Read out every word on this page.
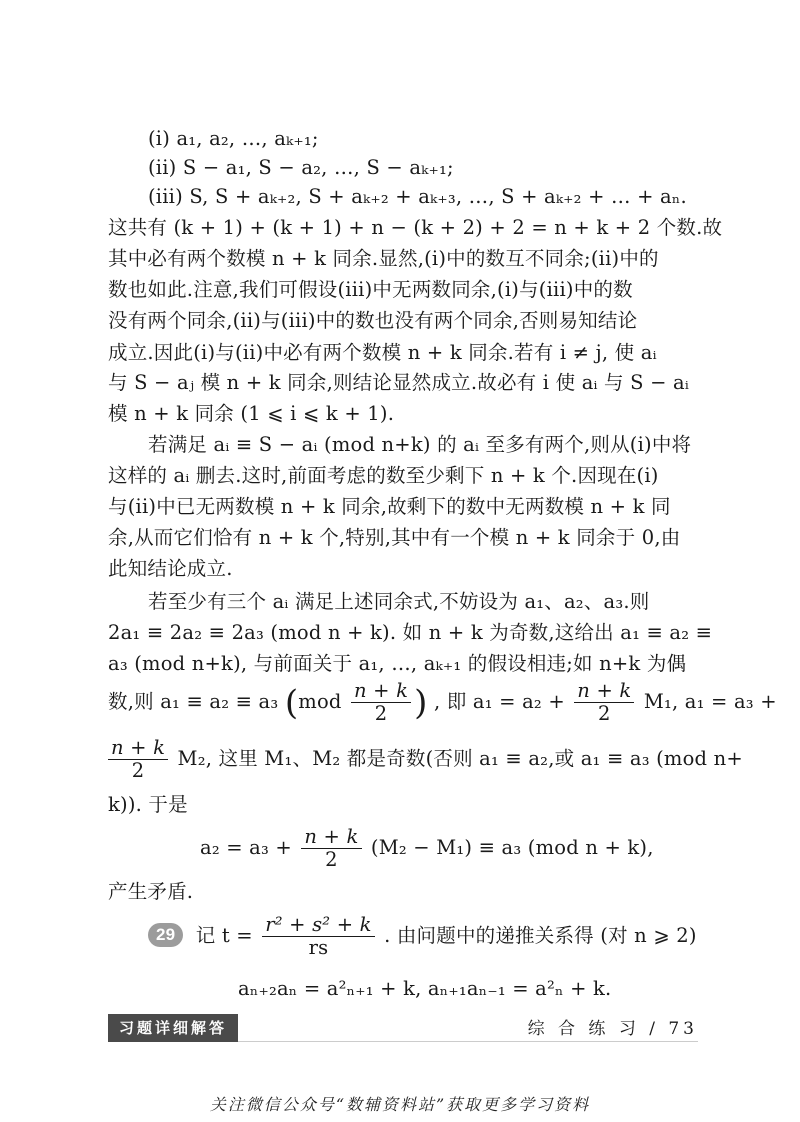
(i) a₁, a₂, …, aₖ₊₁;
(ii) S − a₁, S − a₂, …, S − aₖ₊₁;
(iii) S, S + aₖ₊₂, S + aₖ₊₂ + aₖ₊₃, …, S + aₖ₊₂ + … + aₙ.
这共有 (k + 1) + (k + 1) + n − (k + 2) + 2 = n + k + 2 个数.故
其中必有两个数模 n + k 同余.显然,(i)中的数互不同余;(ii)中的
数也如此.注意,我们可假设(iii)中无两数同余,(i)与(iii)中的数
没有两个同余,(ii)与(iii)中的数也没有两个同余,否则易知结论
成立.因此(i)与(ii)中必有两个数模 n + k 同余.若有 i ≠ j, 使 aᵢ
与 S − aⱼ 模 n + k 同余,则结论显然成立.故必有 i 使 aᵢ 与 S − aᵢ
模 n + k 同余 (1 ⩽ i ⩽ k + 1).
若满足 aᵢ ≡ S − aᵢ (mod n+k) 的 aᵢ 至多有两个,则从(i)中将
这样的 aᵢ 删去.这时,前面考虑的数至少剩下 n + k 个.因现在(i)
与(ii)中已无两数模 n + k 同余,故剩下的数中无两数模 n + k 同
余,从而它们恰有 n + k 个,特别,其中有一个模 n + k 同余于 0,由
此知结论成立.
若至少有三个 aᵢ 满足上述同余式,不妨设为 a₁、a₂、a₃.则
2a₁ ≡ 2a₂ ≡ 2a₃ (mod n + k). 如 n + k 为奇数,这给出 a₁ ≡ a₂ ≡
a₃ (mod n+k), 与前面关于 a₁, …, aₖ₊₁ 的假设相违;如 n+k 为偶
数,则 a₁ ≡ a₂ ≡ a₃ ($mod \frac{n + k}{2}$ ) , 即 $a_1 = a_2 + \frac{n + k}{2} M_1$, a₁ = a₃ +
$\frac{n + k}{2} M_2$, 这里 M₁、M₂ 都是奇数(否则 a₁ ≡ a₂,或 a₁ ≡ a₃ (mod n+
k)). 于是
$a_2 = a_3 + \frac{n + k}{2} (M_2 - M_1) \equiv a_3$ (mod n + k),
产生矛盾.
29 记 $t = \frac{\text{r² + s² + k}}{rs}$ . 由问题中的递推关系得 (对 n ⩾ 2)
aₙ₊₂aₙ = a²ₙ₊₁ + k, aₙ₊₁aₙ₋₁ = a²ₙ + k.
习题详细解答	综 合 练 习 / 73
关注微信公众号“数辅资料站”获取更多学习资料
